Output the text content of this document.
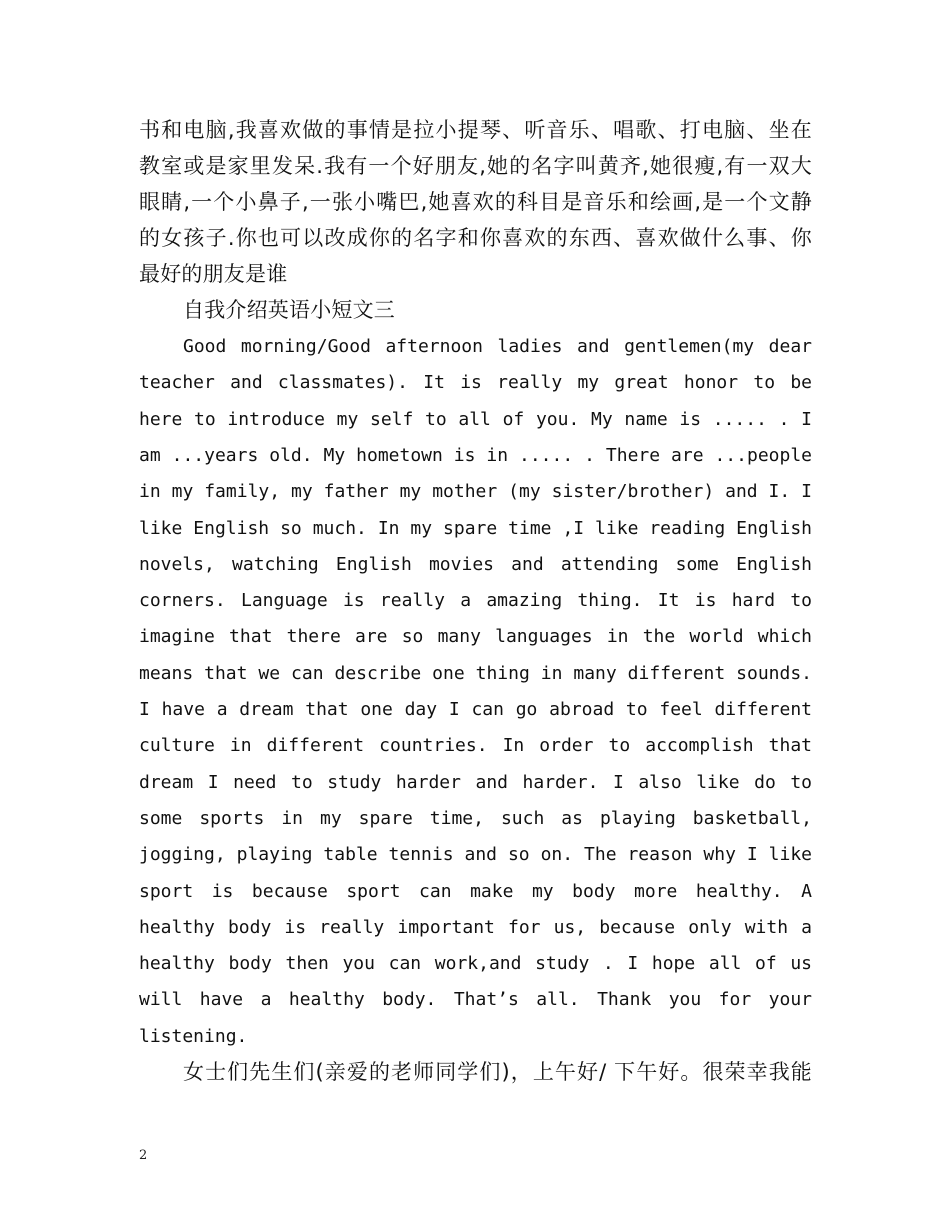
书和电脑,我喜欢做的事情是拉小提琴、听音乐、唱歌、打电脑、坐在
教室或是家里发呆.我有一个好朋友,她的名字叫黄齐,她很瘦,有一双大
眼睛,一个小鼻子,一张小嘴巴,她喜欢的科目是音乐和绘画,是一个文静
的女孩子.你也可以改成你的名字和你喜欢的东西、喜欢做什么事、你
最好的朋友是谁
自我介绍英语小短文三
Good morning/Good afternoon ladies and gentlemen(my dear
teacher and classmates). It is really my great honor to be
here to introduce my self to all of you. My name is ..... . I
am ...years old. My hometown is in ..... . There are ...people
in my family, my father my mother (my sister/brother) and I. I
like English so much. In my spare time ,I like reading English
novels, watching English movies and attending some English
corners. Language is really a amazing thing. It is hard to
imagine that there are so many languages in the world which
means that we can describe one thing in many different sounds.
I have a dream that one day I can go abroad to feel different
culture in different countries. In order to accomplish that
dream I need to study harder and harder. I also like do to
some sports in my spare time, such as playing basketball,
jogging, playing table tennis and so on. The reason why I like
sport is because sport can make my body more healthy. A
healthy body is really important for us, because only with a
healthy body then you can work,and study . I hope all of us
will have a healthy body. That’s all. Thank you for your
listening.
女士们先生们(亲爱的老师同学们)，上午好/ 下午好。很荣幸我能
2
